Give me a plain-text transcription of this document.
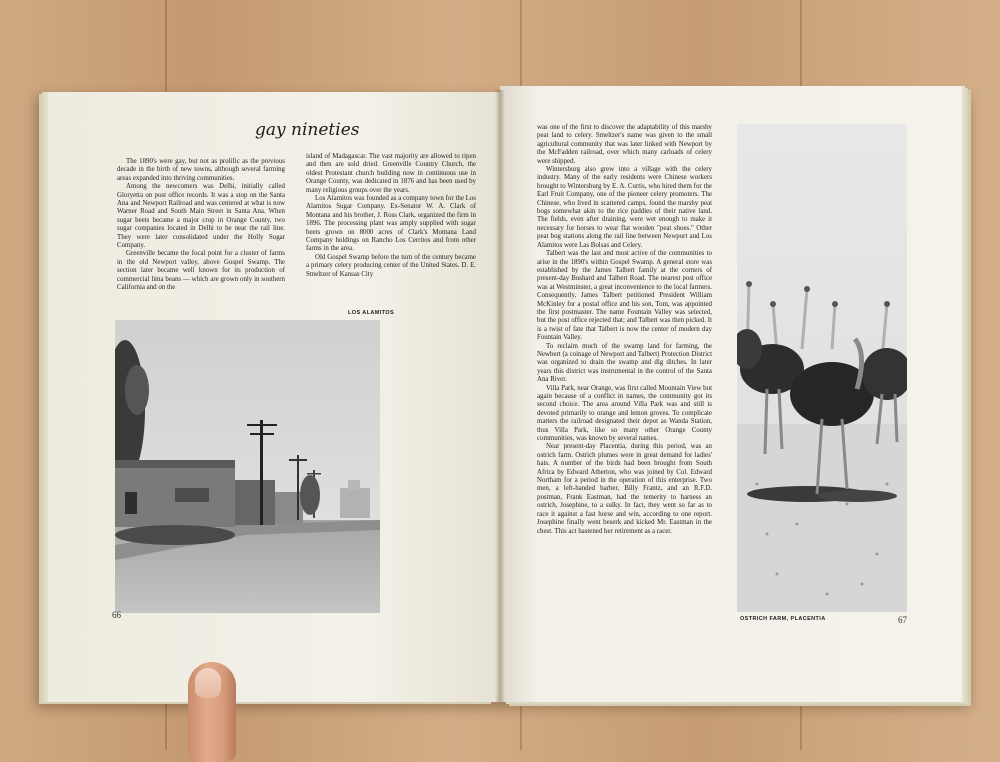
gay nineties

The 1890's were gay, but not as prolific as the previous decade in the birth of new towns, although several farming areas expanded into thriving communities.

Among the newcomers was Delhi, initially called Gloryetta on post office records. It was a stop on the Santa Ana and Newport Railroad and was centered at what is now Warner Road and South Main Street in Santa Ana. When sugar beets became a major crop in Orange County, two sugar companies located in Delhi to be near the rail line. They were later consolidated under the Holly Sugar Company.

Greenville became the focal point for a cluster of farms in the old Newport valley, above Gospel Swamp. The section later became well known for its production of commercial lima beans — which are grown only in southern California and on the

island of Madagascar. The vast majority are allowed to ripen and then are sold dried. Greenville Country Church, the oldest Protestant church building now in continuous use in Orange County, was dedicated in 1876 and has been used by many religious groups over the years.

Los Alamitos was founded as a company town for the Los Alamitos Sugar Company. Ex-Senator W. A. Clark of Montana and his brother, J. Ross Clark, organized the firm in 1896. The processing plant was amply supplied with sugar beets grown on 8000 acres of Clark's Montana Land Company holdings on Rancho Los Cerritos and from other farms in the area.

Old Gospel Swamp before the turn of the century became a primary celery producing center of the United States. D. E. Smeltzer of Kansas City

LOS ALAMITOS
66

was one of the first to discover the adaptability of this marshy peat land to celery. Smeltzer's name was given to the small agricultural community that was later linked with Newport by the McFadden railroad, over which many carloads of celery were shipped.

Wintersburg also grew into a village with the celery industry. Many of the early residents were Chinese workers brought to Wintersburg by E. A. Curtis, who hired them for the Earl Fruit Company, one of the pioneer celery promoters. The Chinese, who lived in scattered camps, found the marshy peat bogs somewhat akin to the rice paddies of their native land. The fields, even after draining, were wet enough to make it necessary for horses to wear flat wooden "peat shoes." Other peat bog stations along the rail line between Newport and Los Alamitos were Las Bolsas and Celery.

Talbert was the last and most active of the communities to arise in the 1890's within Gospel Swamp. A general store was established by the James Talbert family at the corners of present-day Bushard and Talbert Road. The nearest post office was at Westminster, a great inconvenience to the local farmers. Consequently, James Talbert petitioned President William McKinley for a postal office and his son, Tom, was appointed the first postmaster. The name Fountain Valley was selected, but the post office rejected that; and Talbert was then picked. It is a twist of fate that Talbert is now the center of modern day Fountain Valley.

To reclaim much of the swamp land for farming, the Newbert (a coinage of Newport and Talbert) Protection District was organized to drain the swamp and dig ditches. In later years this district was instrumental in the control of the Santa Ana River.

Villa Park, near Orange, was first called Mountain View but again because of a conflict in names, the community got its second choice. The area around Villa Park was and still is devoted primarily to orange and lemon groves. To complicate matters the railroad designated their depot as Wanda Station, thus Villa Park, like so many other Orange County communities, was known by several names.

Near present-day Placentia, during this period, was an ostrich farm. Ostrich plumes were in great demand for ladies' hats. A number of the birds had been brought from South Africa by Edward Atherton, who was joined by Col. Edward Northam for a period in the operation of this enterprise. Two men, a left-handed barber, Billy Frantz, and an R.F.D. postman, Frank Eastman, had the temerity to harness an ostrich, Josephine, to a sulky. In fact, they went so far as to race it against a fast horse and win, according to one report. Josephine finally went beserk and kicked Mr. Eastman in the chest. This act hastened her retirement as a racer.

OSTRICH FARM, PLACENTIA	67
